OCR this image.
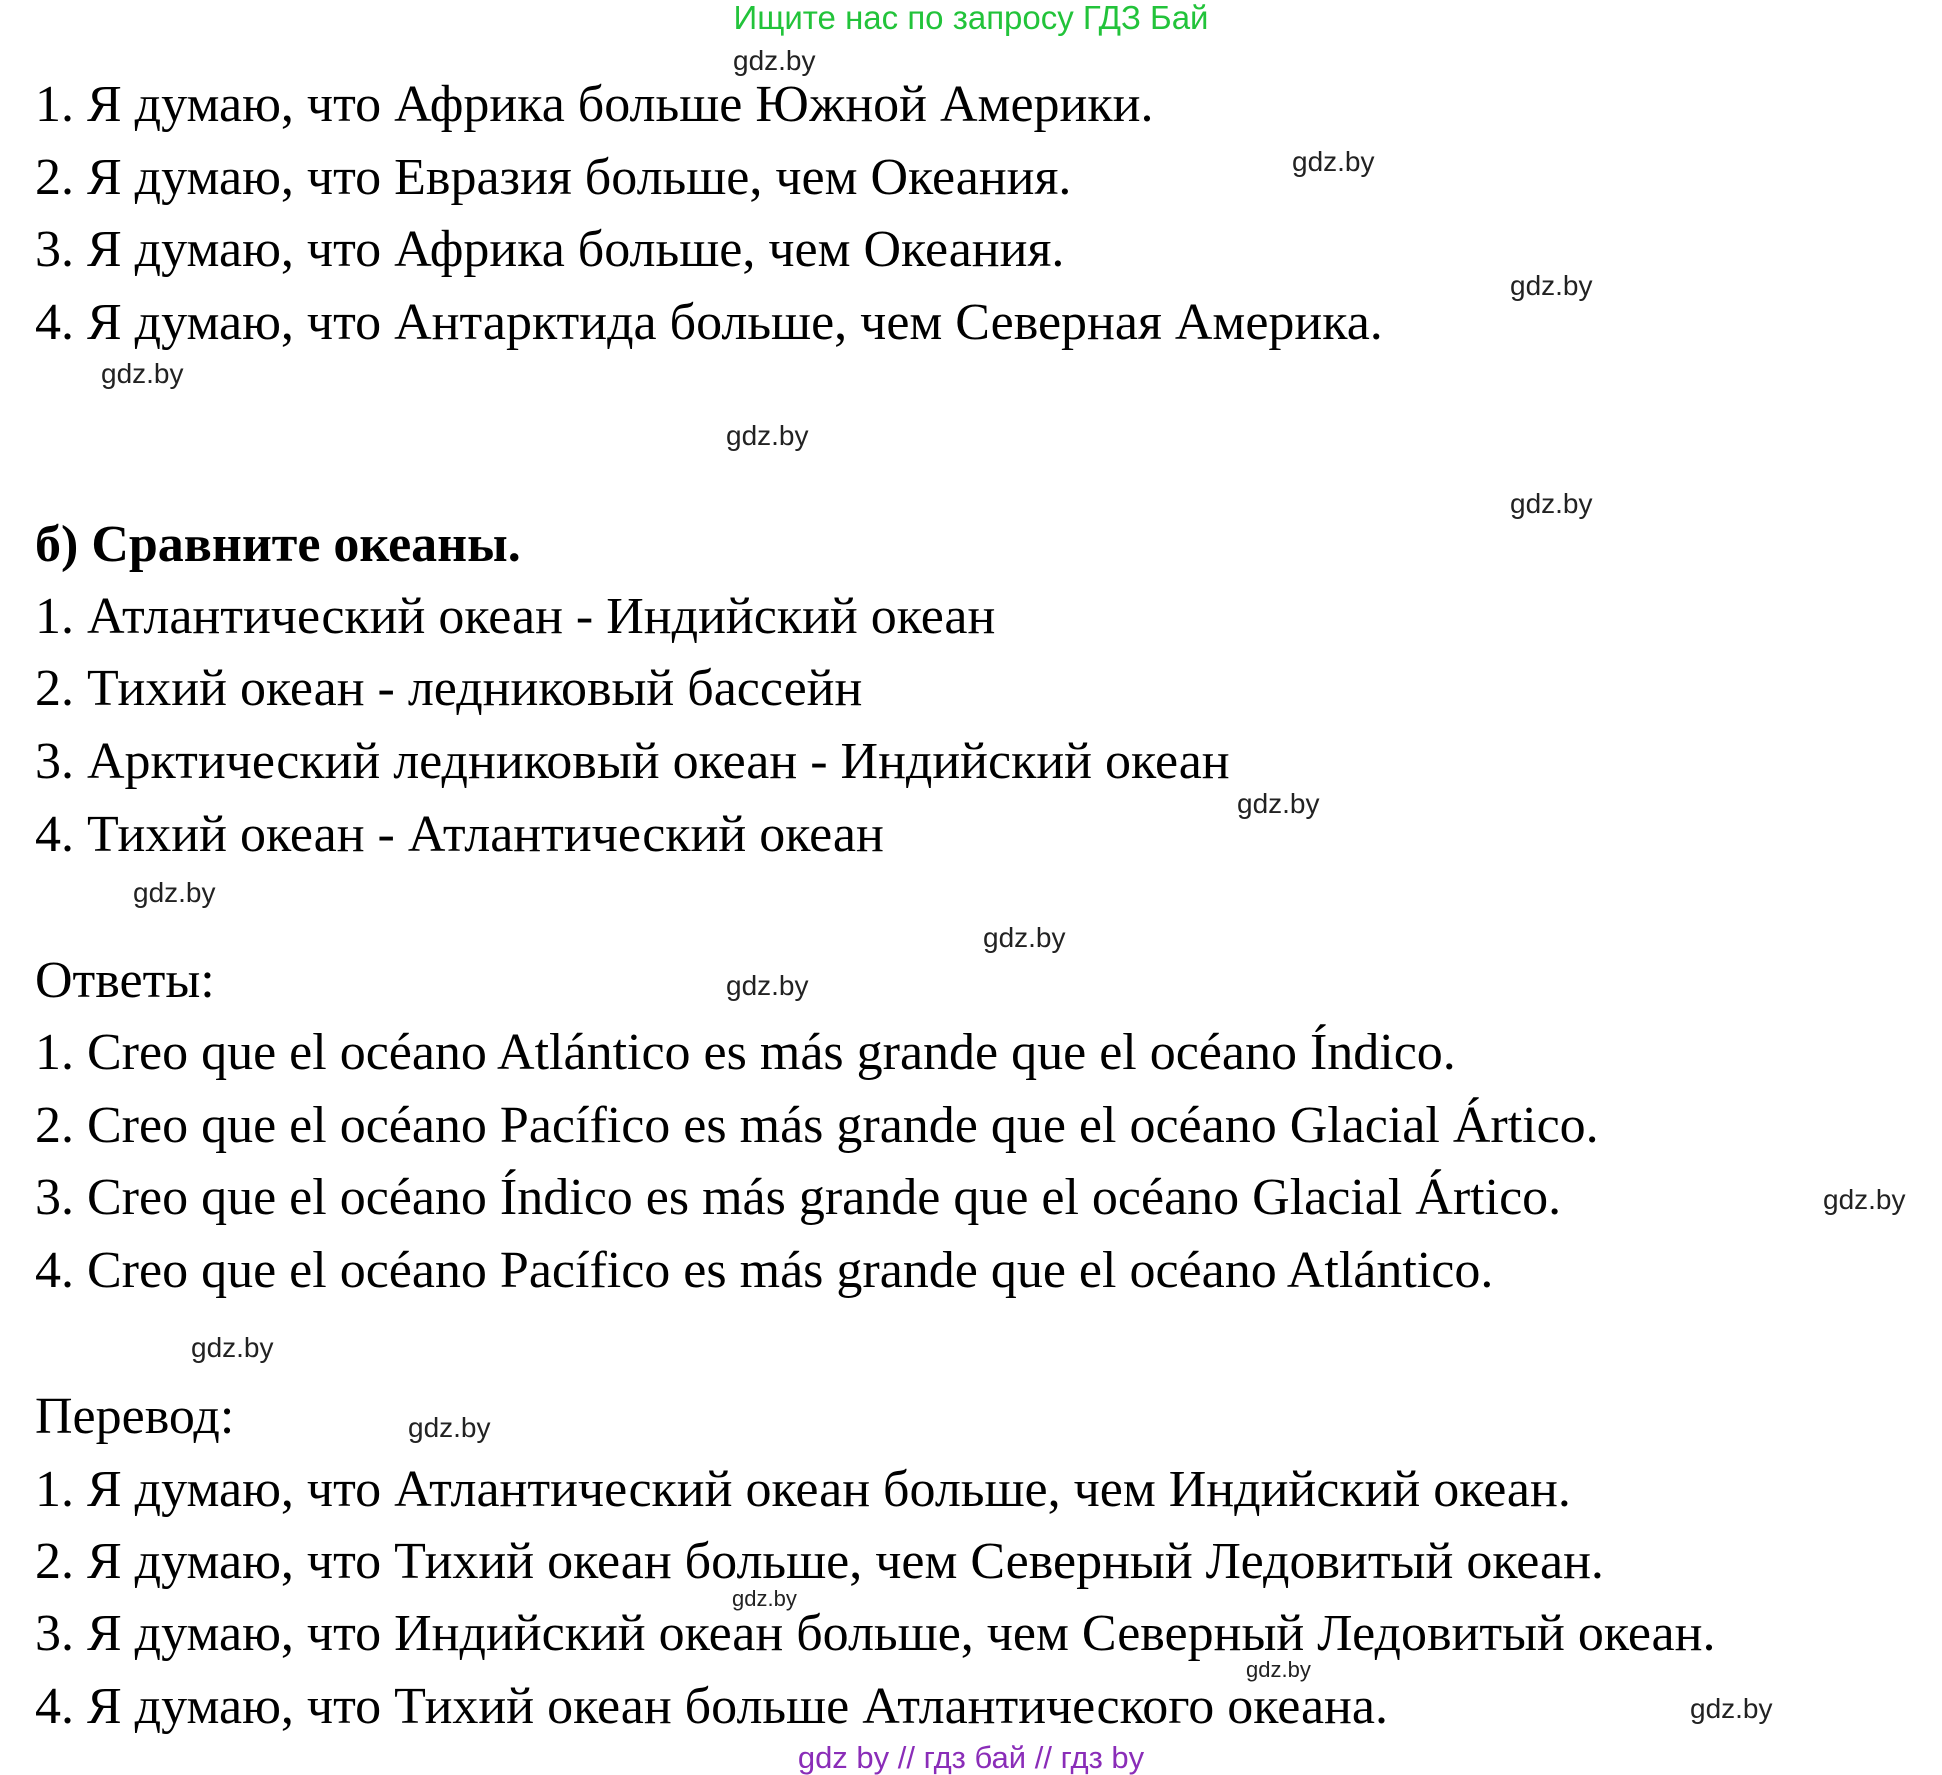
Ищите нас по запросу ГДЗ Бай

1. Я думаю, что Африка больше Южной Америки.

2. Я думаю, что Евразия больше, чем Океания.

3. Я думаю, что Африка больше, чем Океания.

4. Я думаю, что Антарктида больше, чем Северная Америка.

б) Сравните океаны.

1. Атлантический океан - Индийский океан

2. Тихий океан - ледниковый бассейн

3. Арктический ледниковый океан - Индийский океан

4. Тихий океан - Атлантический океан

Ответы:

1. Creo que el océano Atlántico es más grande que el océano Índico.

2. Creo que el océano Pacífico es más grande que el océano Glacial Ártico.

3. Creo que el océano Índico es más grande que el océano Glacial Ártico.

4. Creo que el océano Pacífico es más grande que el océano Atlántico.

Перевод:

1. Я думаю, что Атлантический океан больше, чем Индийский океан.

2. Я думаю, что Тихий океан больше, чем Северный Ледовитый океан.

3. Я думаю, что Индийский океан больше, чем Северный Ледовитый океан.

4. Я думаю, что Тихий океан больше Атлантического океана.

gdz.by
gdz.by
gdz.by
gdz.by
gdz.by
gdz.by
gdz.by
gdz.by
gdz.by
gdz.by
gdz.by
gdz.by
gdz.by
gdz.by
gdz.by
gdz.by
gdz by // гдз бай // гдз by
